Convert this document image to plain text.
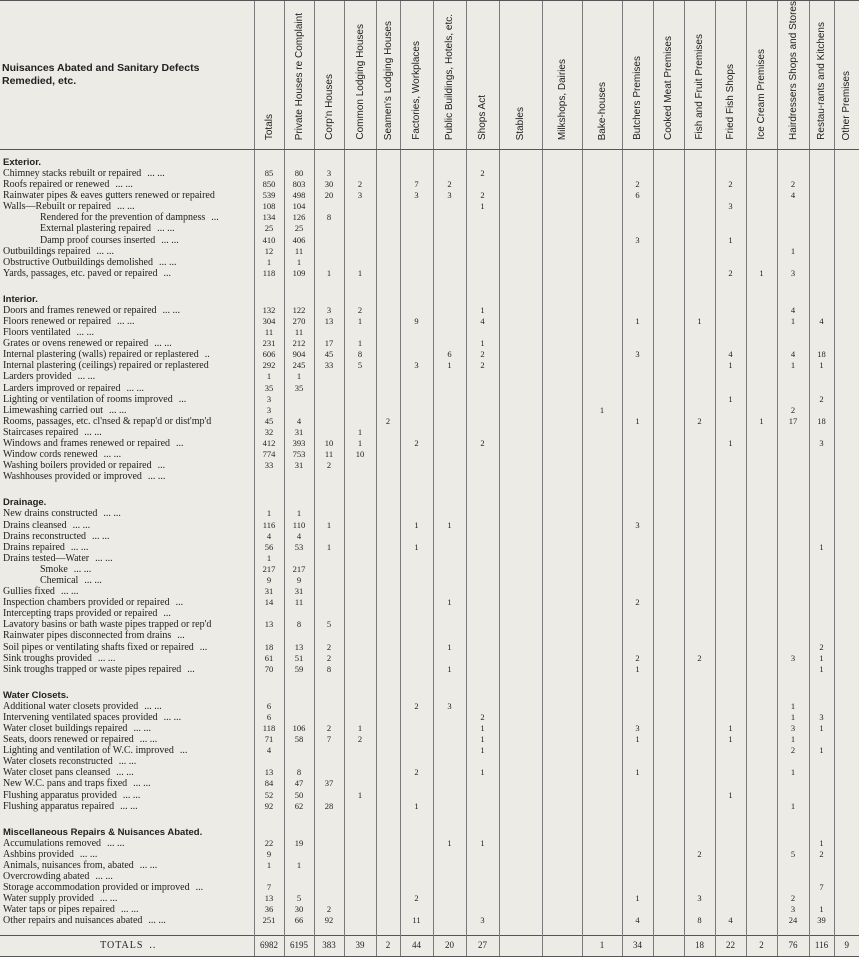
Nuisances Abated and Sanitary Defects Remedied, etc.	Totals	Private Houses re Complaint	Corp'n Houses	Common Lodging Houses	Seamen's Lodging Houses	Factories, Workplaces	Public Buildings, Hotels, etc.	Shops Act	Stables	Milkshops, Dairies	Bake-houses	Butchers Premises	Cooked Meat Premises	Fish and Fruit Premises	Fried Fish Shops	Ice Cream Premises	Hairdressers Shops and Stores	Restau-rants and Kitchens	Other Premises
Exterior.																			
Chimney stacks rebuilt or repaired ... ...	85	80	3					2											
Roofs repaired or renewed ... ...	850	803	30	2		7	2					2			2		2		
Rainwater pipes & eaves gutters renewed or repaired	539	498	20	3		3	3	2				6					4		
Walls—Rebuilt or repaired ... ...	108	104						1							3				
Rendered for the prevention of dampness ...	134	126	8																
External plastering repaired ... ...	25	25																	
Damp proof courses inserted ... ...	410	406										3			1				
Outbuildings repaired ... ...	12	11															1		
Obstructive Outbuildings demolished ... ...	1	1																	
Yards, passages, etc. paved or repaired ...	118	109	1	1											2	1	3		

Interior.																			
Doors and frames renewed or repaired ... ...	132	122	3	2				1									4		
Floors renewed or repaired ... ...	304	270	13	1		9		4				1		1			1	4	
Floors ventilated ... ...	11	11																	
Grates or ovens renewed or repaired ... ...	231	212	17	1				1											
Internal plastering (walls) repaired or replastered ..	606	904	45	8			6	2				3			4		4	18	
Internal plastering (ceilings) repaired or replastered	292	245	33	5		3	1	2							1		1	1	
Larders provided ... ...	1	1																	
Larders improved or repaired ... ...	35	35																	
Lighting or ventilation of rooms improved ...	3														1			2	
Limewashing carried out ... ...	3										1						2		
Rooms, passages, etc. cl'nsed & repap'd or dist'mp'd	45	4			2							1		2		1	17	18	
Staircases repaired ... ...	32	31		1															
Windows and frames renewed or repaired ...	412	393	10	1		2		2							1			3	
Window cords renewed ... ...	774	753	11	10															
Washing boilers provided or repaired ...	33	31	2																
Washhouses provided or improved ... ...																			

Drainage.																			
New drains constructed ... ...	1	1																	
Drains cleansed ... ...	116	110	1			1	1					3							
Drains reconstructed ... ...	4	4																	
Drains repaired ... ...	56	53	1			1												1	
Drains tested—Water ... ...	1																		
Smoke ... ...	217	217																	
Chemical ... ...	9	9																	
Gullies fixed ... ...	31	31																	
Inspection chambers provided or repaired ...	14	11					1					2							
Intercepting traps provided or repaired ...																			
Lavatory basins or bath waste pipes trapped or rep'd	13	8	5																
Rainwater pipes disconnected from drains ...																			
Soil pipes or ventilating shafts fixed or repaired ...	18	13	2				1											2	
Sink troughs provided ... ...	61	51	2									2		2			3	1	
Sink troughs trapped or waste pipes repaired ...	70	59	8				1					1						1	

Water Closets.																			
Additional water closets provided ... ...	6					2	3										1		
Intervening ventilated spaces provided ... ...	6							2									1	3	
Water closet buildings repaired ... ...	118	106	2	1				1				3			1		3	1	
Seats, doors renewed or repaired ... ...	71	58	7	2				1				1			1		1		
Lighting and ventilation of W.C. improved ...	4							1									2	1	
Water closets reconstructed ... ...																			
Water closet pans cleansed ... ...	13	8				2		1				1					1		
New W.C. pans and traps fixed ... ...	84	47	37																
Flushing apparatus provided ... ...	52	50		1											1				
Flushing apparatus repaired ... ...	92	62	28			1											1		

Miscellaneous Repairs & Nuisances Abated.																			
Accumulations removed ... ...	22	19					1	1										1	
Ashbins provided ... ...	9													2			5	2	
Animals, nuisances from, abated ... ...	1	1																	
Overcrowding abated ... ...																			
Storage accommodation provided or improved ...	7																	7	
Water supply provided ... ...	13	5				2						1		3			2		
Water taps or pipes repaired ... ...	36	30	2														3	1	
Other repairs and nuisances abated ... ...	251	66	92			11		3				4		8	4		24	39	

TOTALS ..	6982	6195	383	39	2	44	20	27			1	34		18	22	2	76	116	9
